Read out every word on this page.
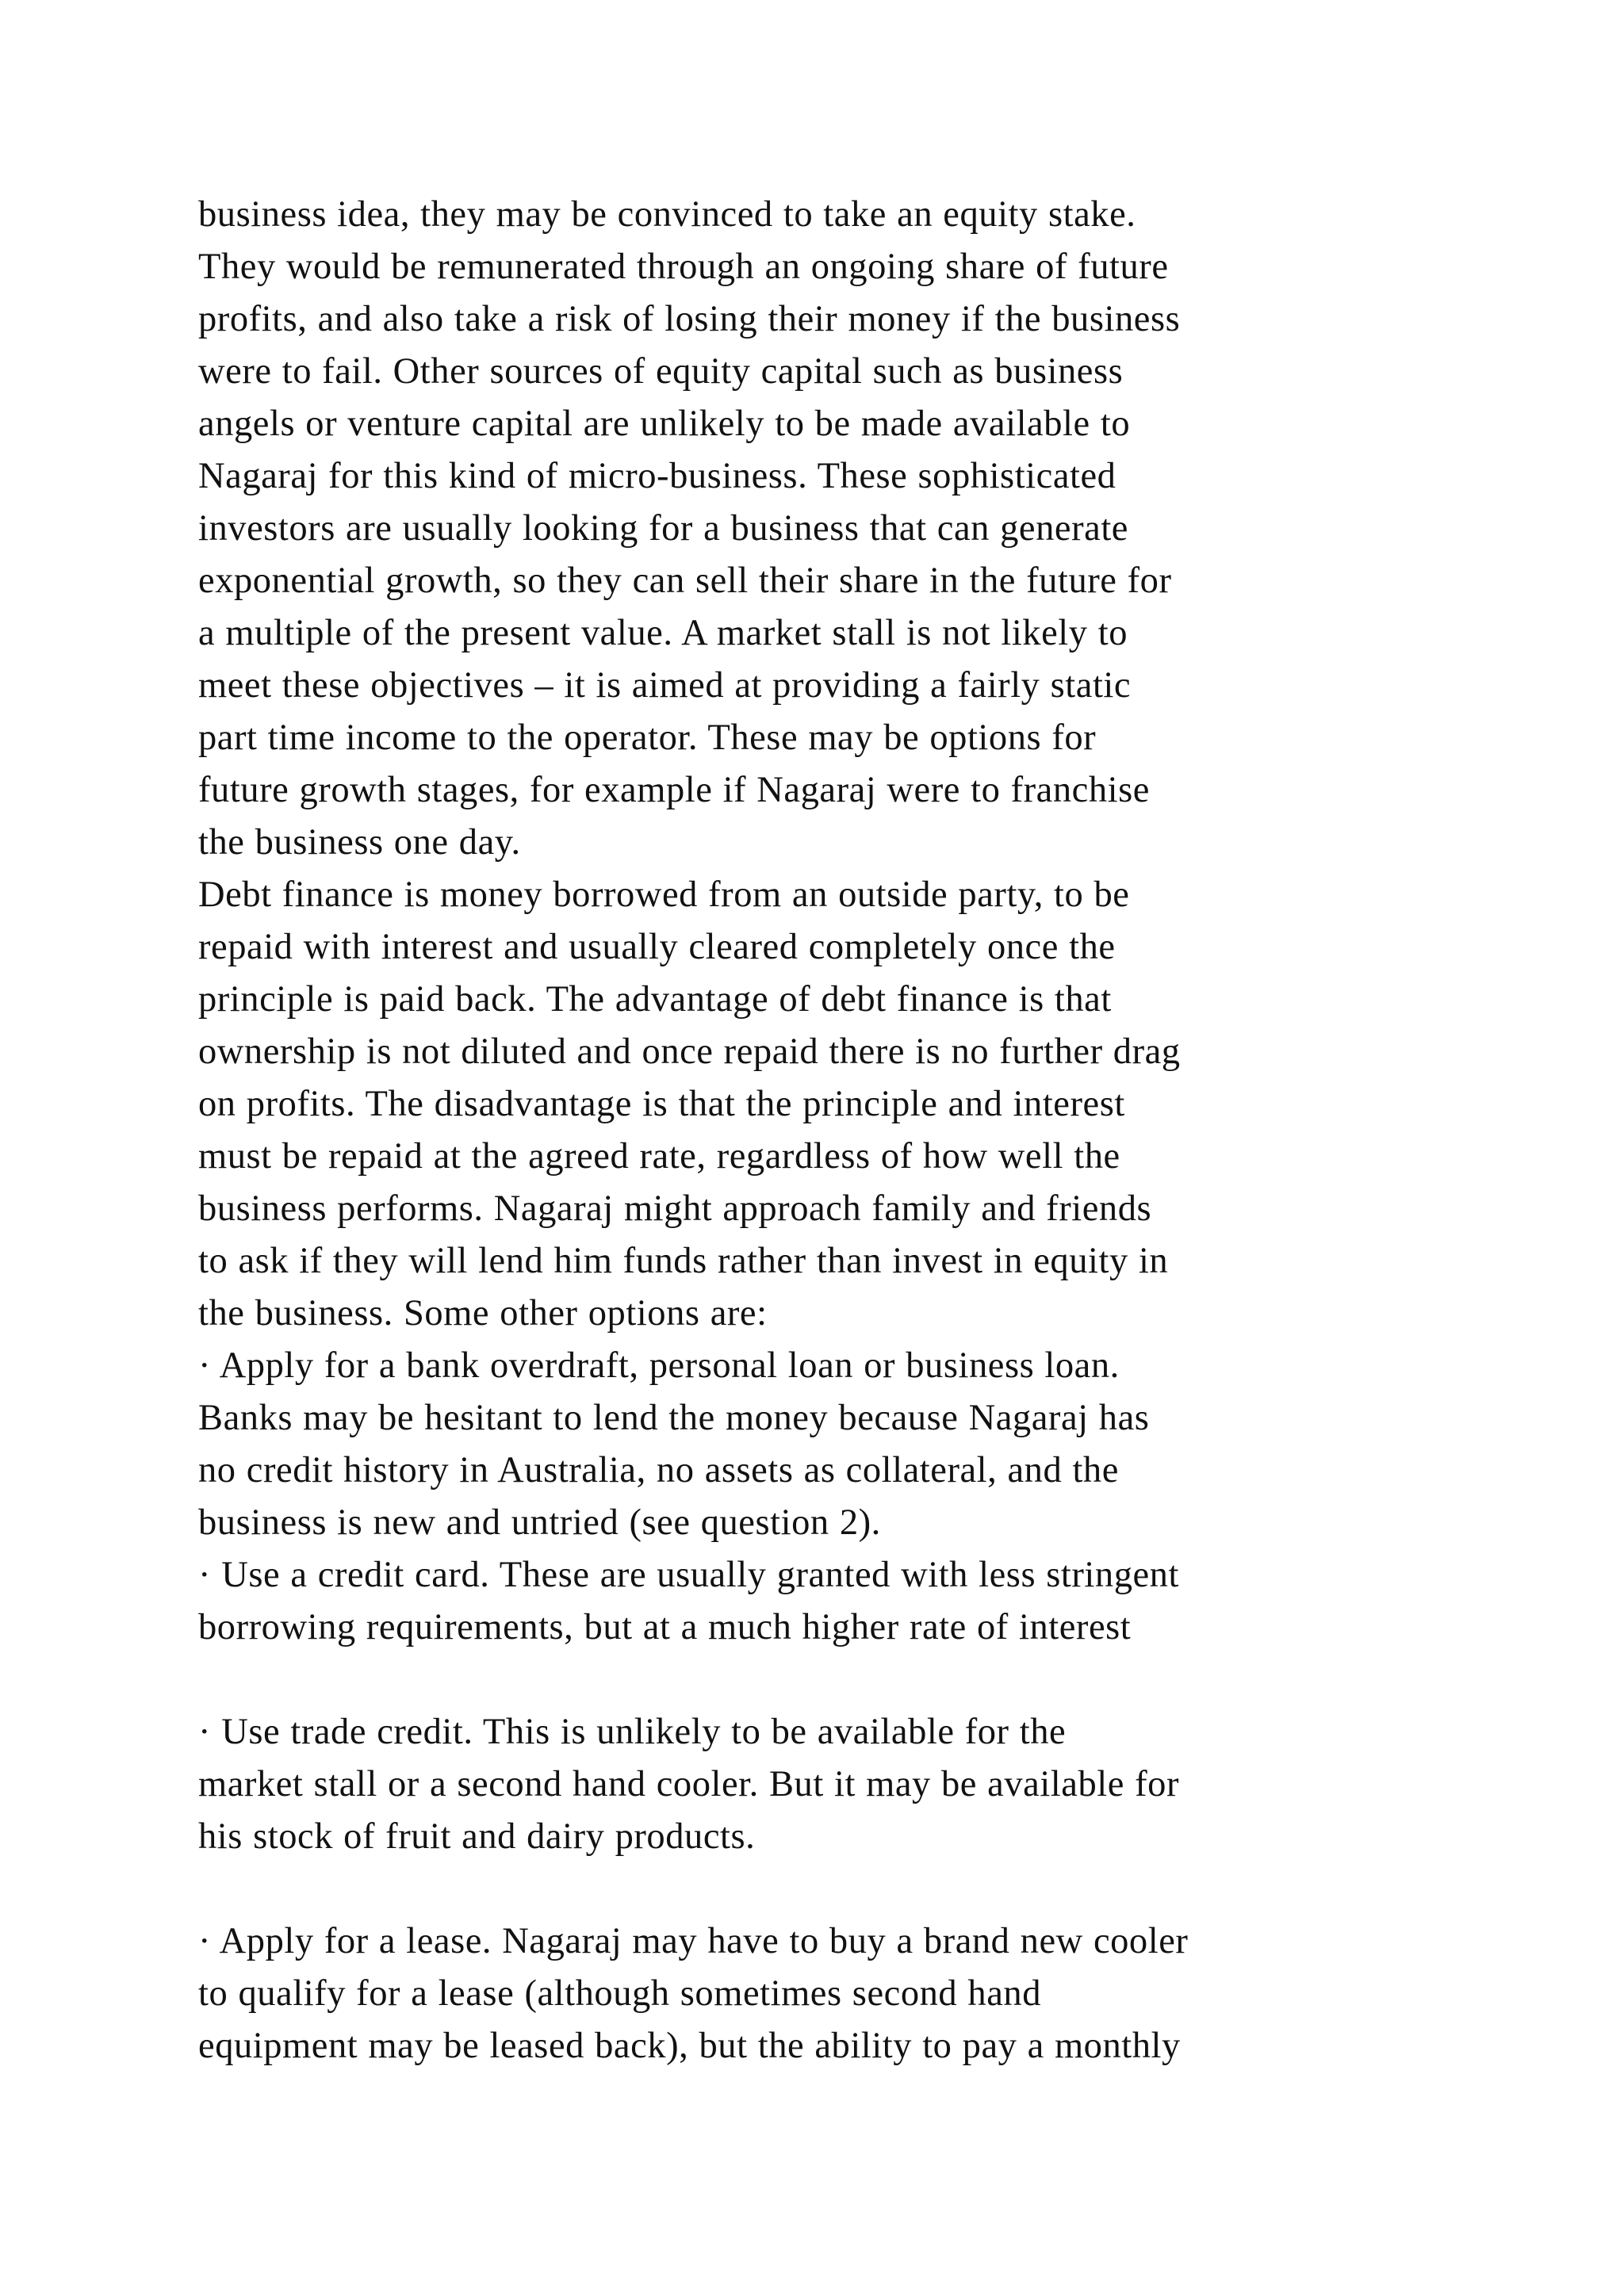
business idea, they may be convinced to take an equity stake.
They would be remunerated through an ongoing share of future
profits, and also take a risk of losing their money if the business
were to fail. Other sources of equity capital such as business
angels or venture capital are unlikely to be made available to
Nagaraj for this kind of micro-business. These sophisticated
investors are usually looking for a business that can generate
exponential growth, so they can sell their share in the future for
a multiple of the present value. A market stall is not likely to
meet these objectives – it is aimed at providing a fairly static
part time income to the operator. These may be options for
future growth stages, for example if Nagaraj were to franchise
the business one day.
Debt finance is money borrowed from an outside party, to be
repaid with interest and usually cleared completely once the
principle is paid back. The advantage of debt finance is that
ownership is not diluted and once repaid there is no further drag
on profits. The disadvantage is that the principle and interest
must be repaid at the agreed rate, regardless of how well the
business performs. Nagaraj might approach family and friends
to ask if they will lend him funds rather than invest in equity in
the business. Some other options are:
· Apply for a bank overdraft, personal loan or business loan.
Banks may be hesitant to lend the money because Nagaraj has
no credit history in Australia, no assets as collateral, and the
business is new and untried (see question 2).
· Use a credit card. These are usually granted with less stringent
borrowing requirements, but at a much higher rate of interest
· Use trade credit. This is unlikely to be available for the
market stall or a second hand cooler. But it may be available for
his stock of fruit and dairy products.
· Apply for a lease. Nagaraj may have to buy a brand new cooler
to qualify for a lease (although sometimes second hand
equipment may be leased back), but the ability to pay a monthly
